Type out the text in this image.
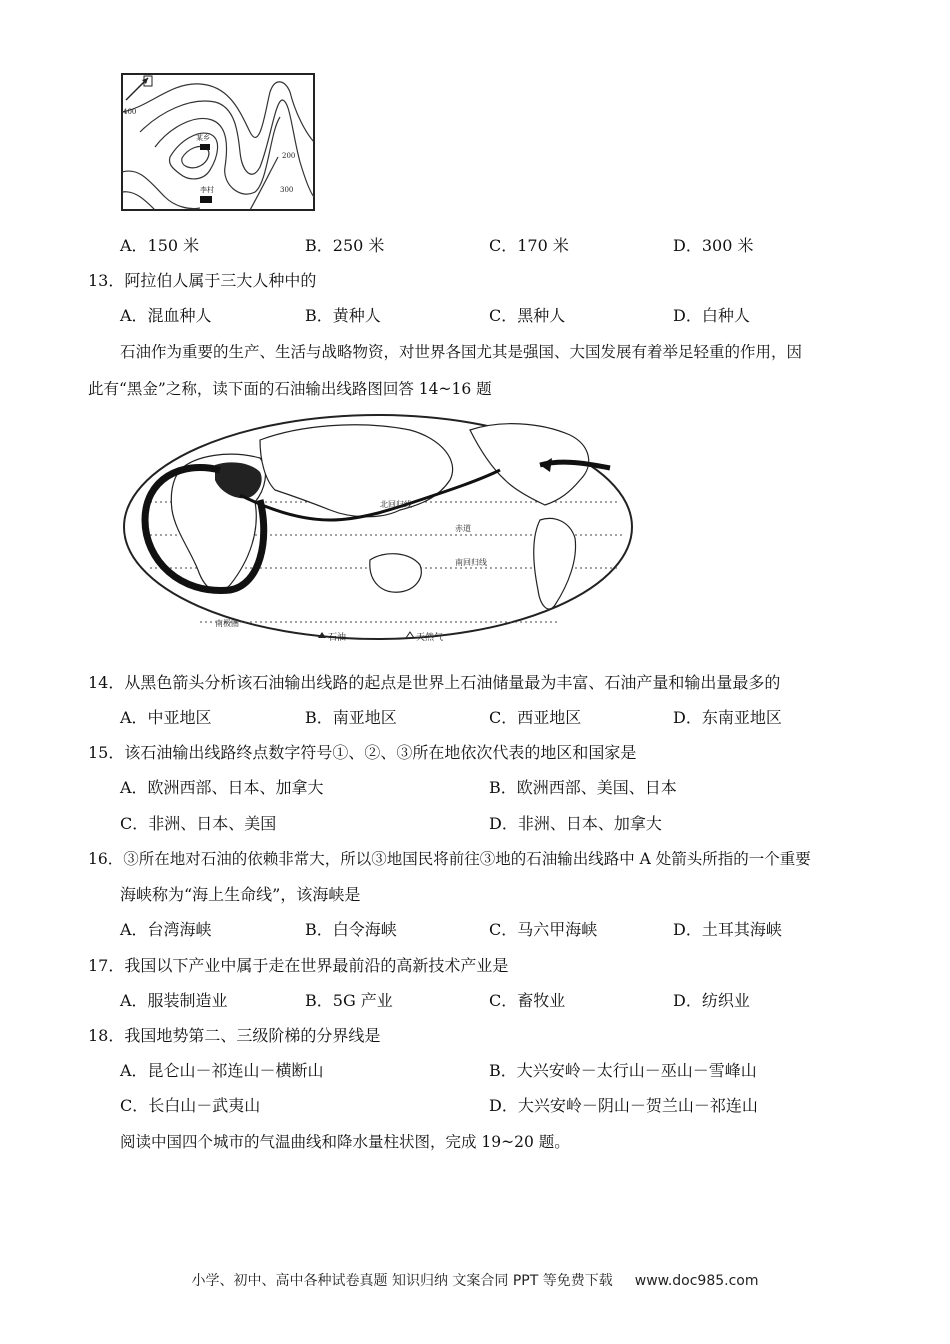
400
200
300
某乡
李村
A．150 米	B．250 米	C．170 米	D．300 米
13．阿拉伯人属于三大人种中的
A．混血种人	B．黄种人	C．黑种人	D．白种人
石油作为重要的生产、生活与战略物资，对世界各国尤其是强国、大国发展有着举足轻重的作用，因
此有“黑金”之称，读下面的石油输出线路图回答 14~16 题
北回归线
赤道
南回归线
南极圈
石油	天然气
14．从黑色箭头分析该石油输出线路的起点是世界上石油储量最为丰富、石油产量和输出量最多的
A．中亚地区	B．南亚地区	C．西亚地区	D．东南亚地区
15．该石油输出线路终点数字符号①、②、③所在地依次代表的地区和国家是
A．欧洲西部、日本、加拿大	B．欧洲西部、美国、日本
C．非洲、日本、美国	D．非洲、日本、加拿大
16．③所在地对石油的依赖非常大，所以③地国民将前往③地的石油输出线路中 A 处箭头所指的一个重要
海峡称为“海上生命线”，该海峡是
A．台湾海峡	B．白令海峡	C．马六甲海峡	D．土耳其海峡
17．我国以下产业中属于走在世界最前沿的高新技术产业是
A．服装制造业	B．5G 产业	C．畜牧业	D．纺织业
18．我国地势第二、三级阶梯的分界线是
A．昆仑山－祁连山－横断山	B．大兴安岭－太行山－巫山－雪峰山
C．长白山－武夷山	D．大兴安岭－阴山－贺兰山－祁连山
阅读中国四个城市的气温曲线和降水量柱状图，完成 19~20 题。
小学、初中、高中各种试卷真题 知识归纳 文案合同 PPT 等免费下载 www.doc985.com
